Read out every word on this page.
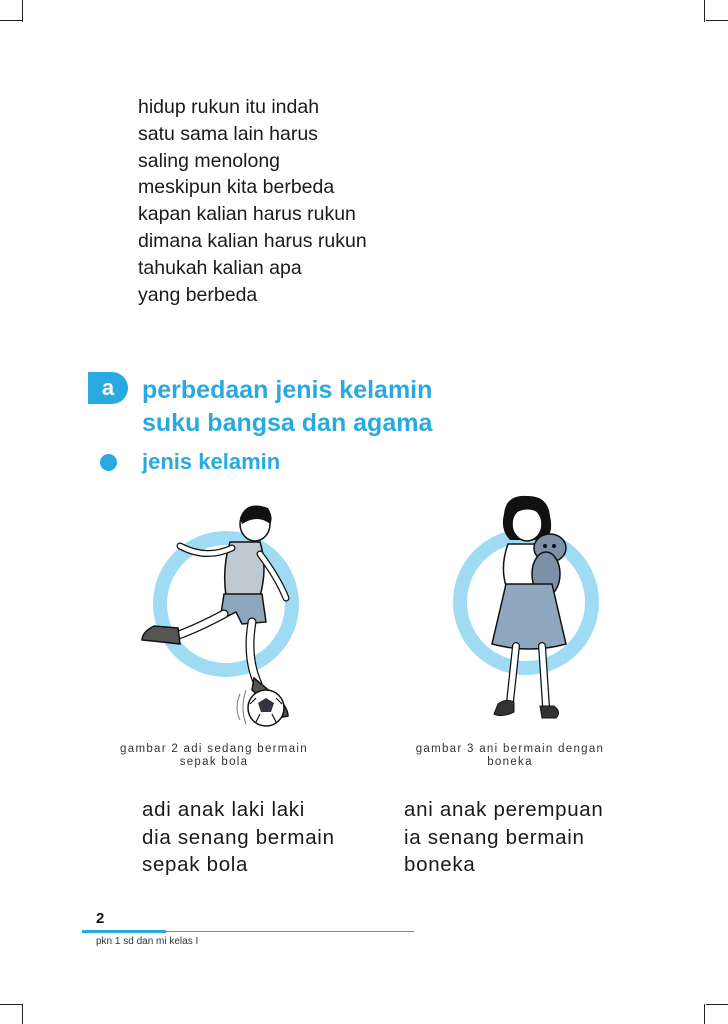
hidup rukun itu indah
satu sama lain harus
saling menolong
meskipun kita berbeda
kapan kalian harus rukun
dimana kalian harus rukun
tahukah kalian apa
yang berbeda
a	perbedaan jenis kelamin
suku bangsa dan agama
jenis kelamin
gambar 2 adi sedang bermain
sepak bola
gambar 3 ani bermain dengan
boneka
adi anak laki laki
dia senang bermain
sepak bola
ani anak perempuan
ia senang bermain
boneka
2
pkn 1 sd dan mi kelas I
